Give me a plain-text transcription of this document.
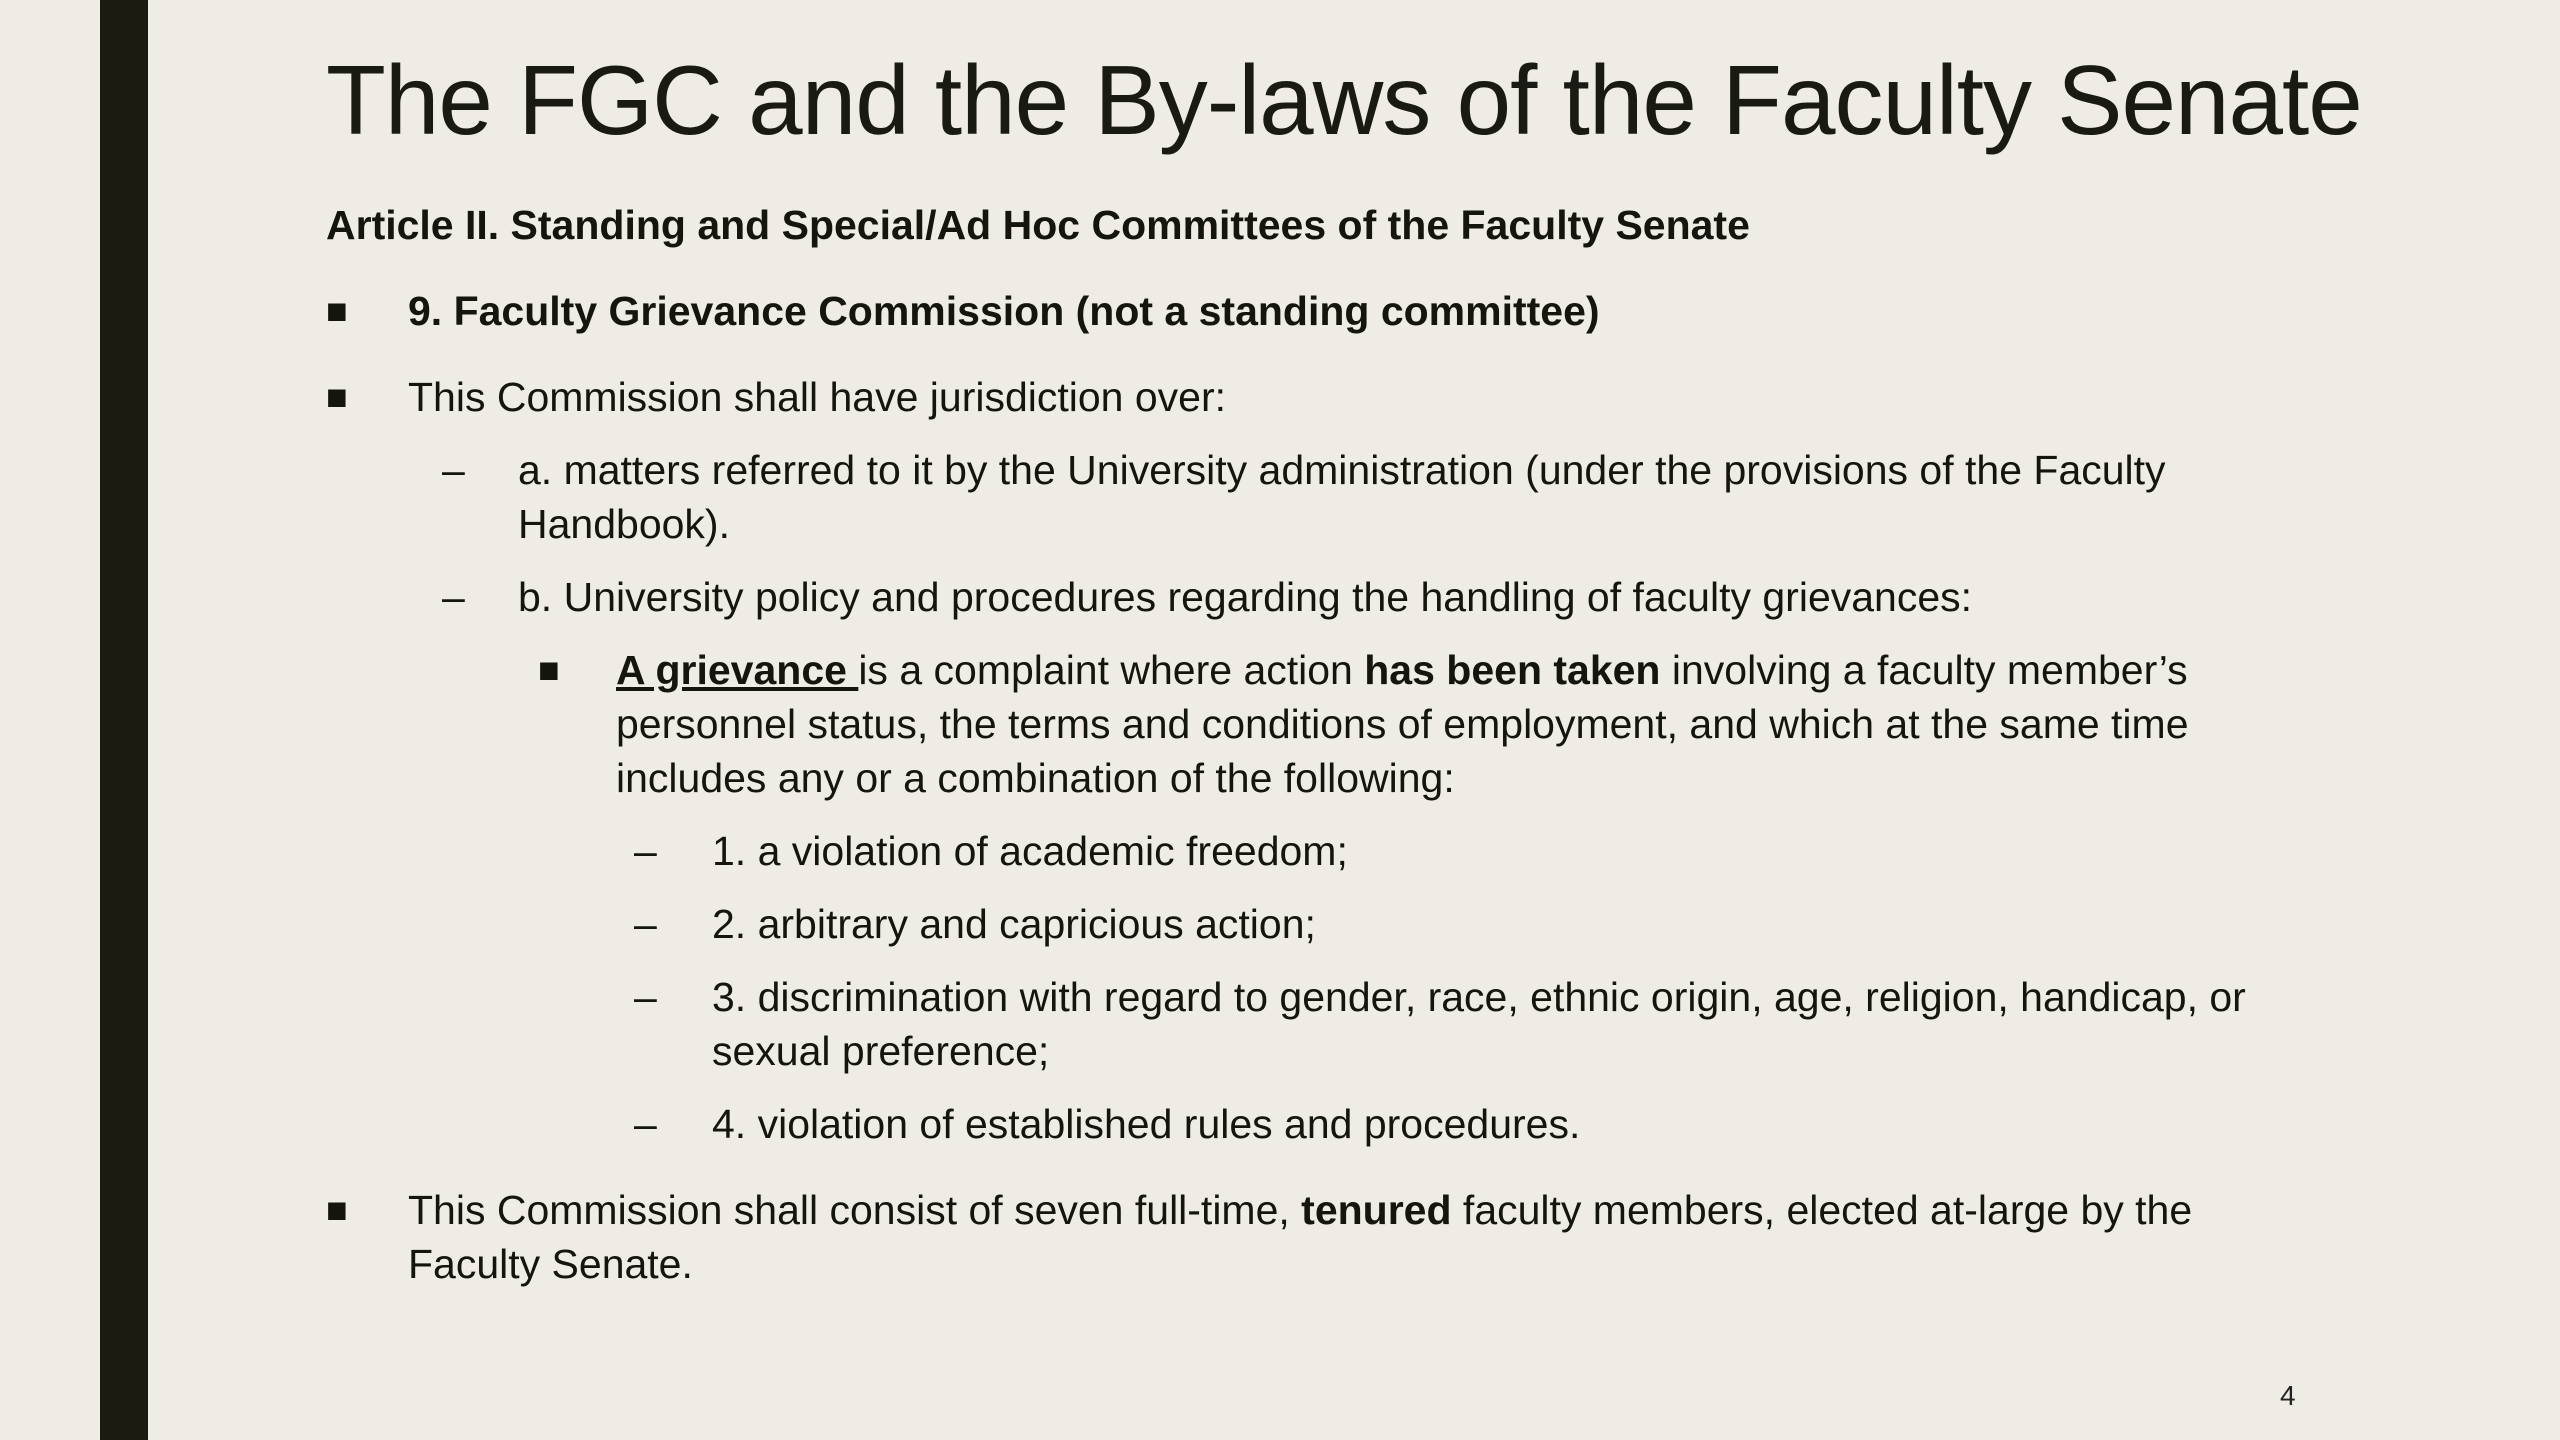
The FGC and the By-laws of the Faculty Senate

Article II. Standing and Special/Ad Hoc Committees of the Faculty Senate

■ 9. Faculty Grievance Commission (not a standing committee)
■ This Commission shall have jurisdiction over:
– a. matters referred to it by the University administration (under the provisions of the Faculty Handbook).
– b. University policy and procedures regarding the handling of faculty grievances:
■ A grievance is a complaint where action has been taken involving a faculty member’s personnel status, the terms and conditions of employment, and which at the same time includes any or a combination of the following:
– 1. a violation of academic freedom;
– 2. arbitrary and capricious action;
– 3. discrimination with regard to gender, race, ethnic origin, age, religion, handicap, or sexual preference;
– 4. violation of established rules and procedures.
■ This Commission shall consist of seven full-time, tenured faculty members, elected at-large by the Faculty Senate.
4
